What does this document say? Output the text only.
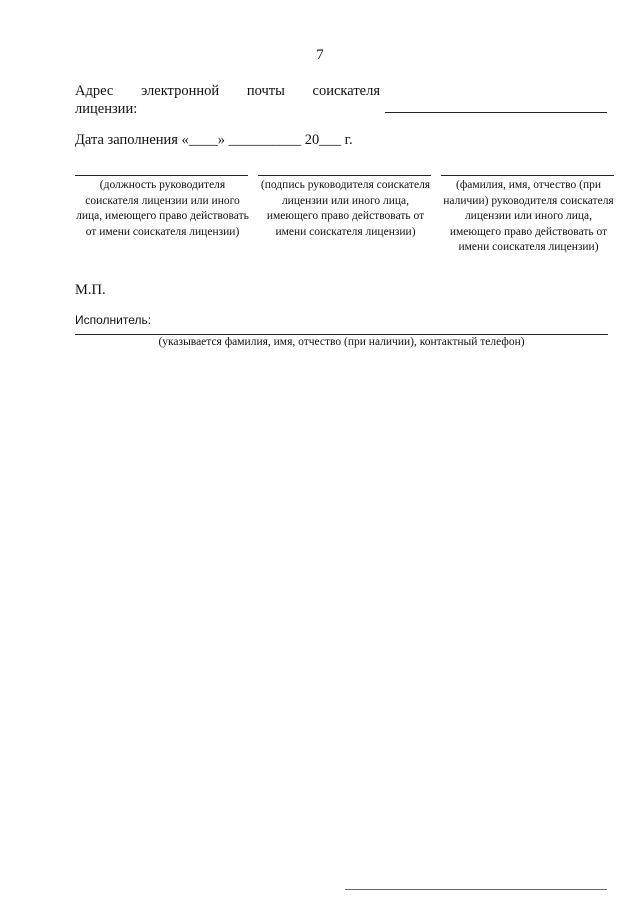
7
Адрес электронной почты соискателя
лицензии:
Дата заполнения «____» __________ 20___ г.
(должность руководителя соискателя лицензии или иного лица, имеющего право действовать от имени соискателя лицензии)
(подпись руководителя соискателя лицензии или иного лица, имеющего право действовать от имени соискателя лицензии)
(фамилия, имя, отчество (при наличии) руководителя соискателя лицензии или иного лица, имеющего право действовать от имени соискателя лицензии)
М.П.
Исполнитель:
(указывается фамилия, имя, отчество (при наличии), контактный телефон)
